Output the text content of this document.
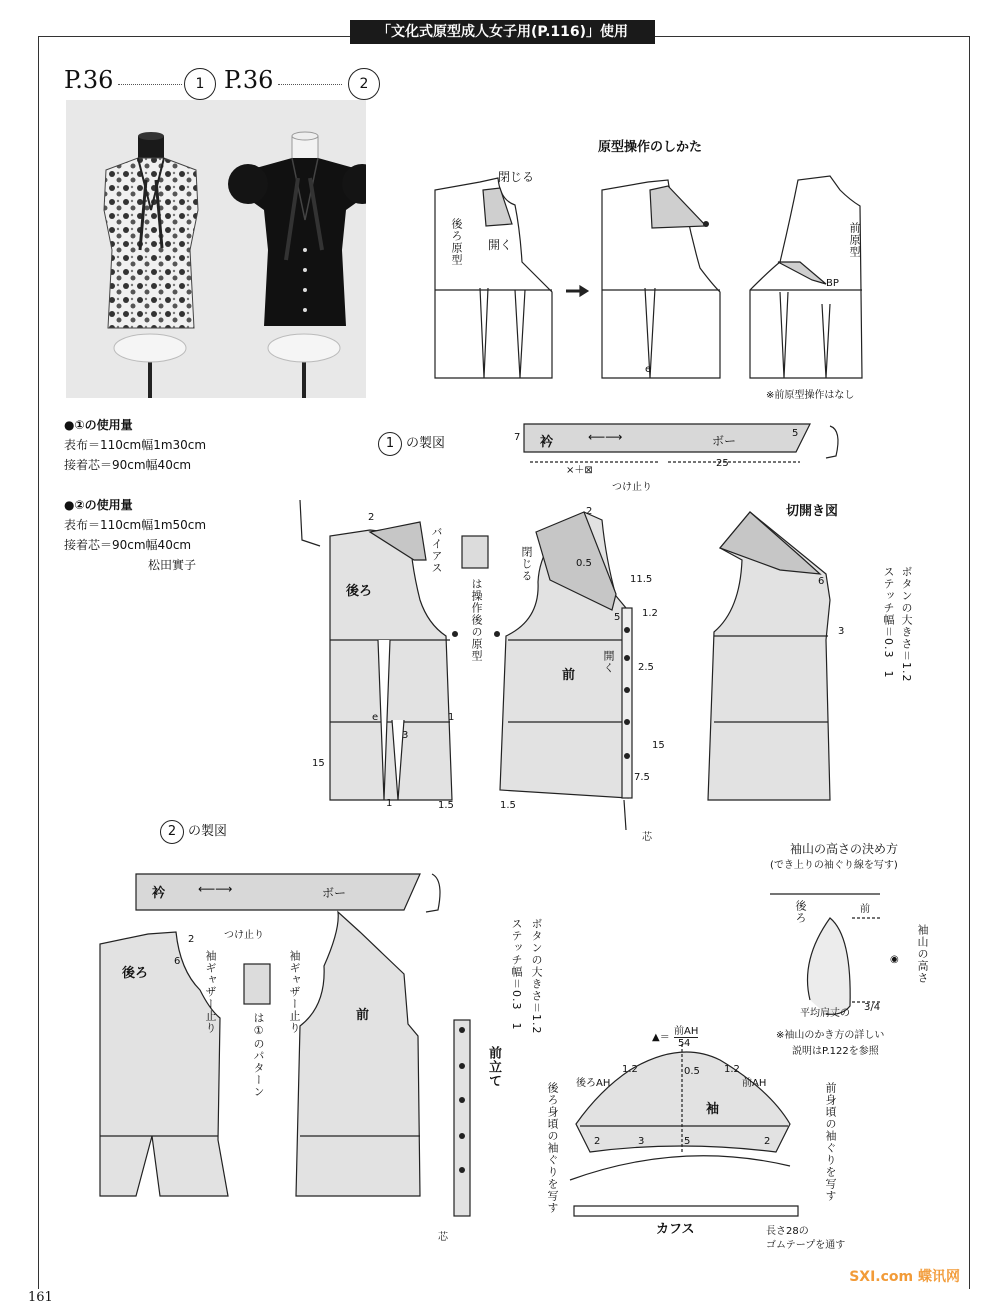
「文化式原型成人女子用(P.116)」使用
P.36	1 P.36	2
●①の使用量
表布＝110cm幅1m30cm
接着芯＝90cm幅40cm
●②の使用量
表布＝110cm幅1m50cm
接着芯＝90cm幅40cm
松田實子
原型操作のしかた
閉じる
開く
後ろ原型	前原型
BP
e
※前原型操作はなし
1 の製図	衿	⟵⟶	ボー
7	5
×＋⊠
25
つけ止り
後ろ
前
バイアス
は操作後の原型
閉じる
開く
2
2
0.5
11.5
1.2
5
2.5
15
15
7.5
1
1
3
1.5	1.5
e
芯
切開き図
6
3	ボタンの大きさ＝1.2
ステッチ幅＝0.3　1
2 の製図
衿	⟵⟶	ボー
つけ止り
後ろ
前
2
6 袖ギャザー止り	袖ギャザー止り
は①のパターン	前立て
ボタンの大きさ＝1.2
ステッチ幅＝0.3　1
芯
袖山の高さの決め方
(でき上りの袖ぐり線を写す)
後ろ	前
◉ 袖山の高さ
平均肩丈の
3/4
※袖山のかき方の詳しい
説明はP.122を参照
▲＝
前AH
4
後ろAH	前AH
袖
5
1.2	1.2
0.5
2	2
3	5
後ろ身頃の袖ぐりを写す	前身頃の袖ぐりを写す
カフス	長さ28の
ゴムテープを通す
161
SXI.com 蝶讯网
